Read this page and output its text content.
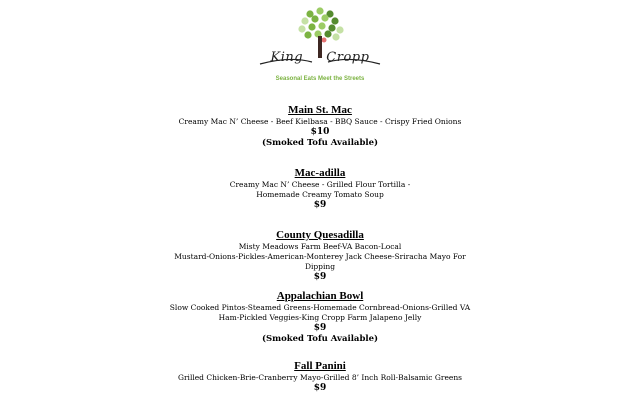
King Cropp
Seasonal Eats Meet the Streets
Main St. Mac
Creamy Mac N’ Cheese - Beef Kielbasa - BBQ Sauce - Crispy Fried Onions
$10
(Smoked Tofu Available)
Mac-adilla
Creamy Mac N’ Cheese - Grilled Flour Tortilla -
Homemade Creamy Tomato Soup
$9
County Quesadilla
Misty Meadows Farm Beef-VA Bacon-Local
Mustard-Onions-Pickles-American-Monterey Jack Cheese-Sriracha Mayo For
Dipping
$9
Appalachian Bowl
Slow Cooked Pintos-Steamed Greens-Homemade Cornbread-Onions-Grilled VA
Ham-Pickled Veggies-King Cropp Farm Jalapeno Jelly
$9
(Smoked Tofu Available)
Fall Panini
Grilled Chicken-Brie-Cranberry Mayo-Grilled 8’ Inch Roll-Balsamic Greens
$9
